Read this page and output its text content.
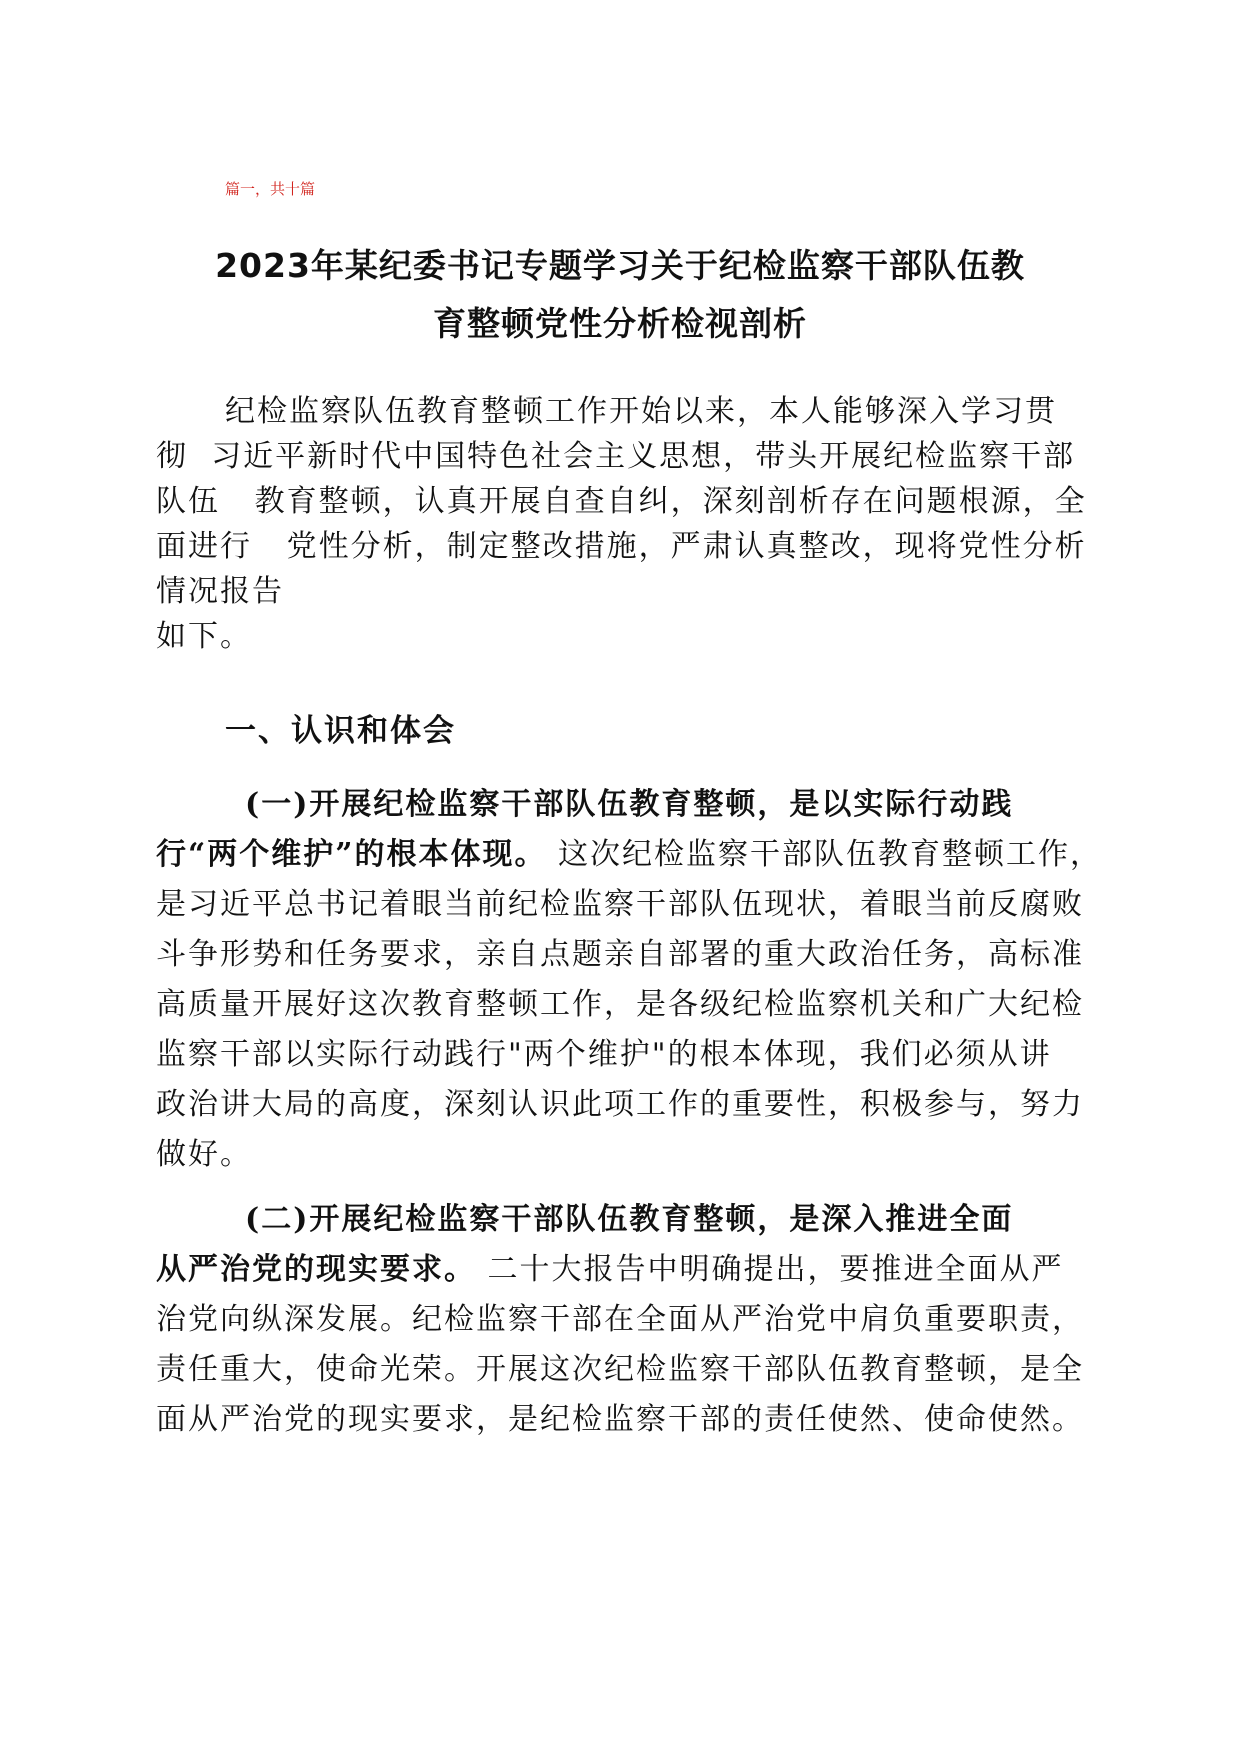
篇一，共十篇
2023年某纪委书记专题学习关于纪检监察干部队伍教
育整顿党性分析检视剖析
纪检监察队伍教育整顿工作开始以来，本人能够深入学习贯
彻  习近平新时代中国特色社会主义思想，带头开展纪检监察干部
队伍   教育整顿，认真开展自查自纠，深刻剖析存在问题根源，全
面进行   党性分析，制定整改措施，严肃认真整改，现将党性分析
情况报告
如下。
一、认识和体会
(一)开展纪检监察干部队伍教育整顿，是以实际行动践
行“两个维护”的根本体现。 这次纪检监察干部队伍教育整顿工作，
是习近平总书记着眼当前纪检监察干部队伍现状，着眼当前反腐败
斗争形势和任务要求，亲自点题亲自部署的重大政治任务，高标准
高质量开展好这次教育整顿工作，是各级纪检监察机关和广大纪检
监察干部以实际行动践行"两个维护"的根本体现，我们必须从讲
政治讲大局的高度，深刻认识此项工作的重要性，积极参与，努力
做好。
(二)开展纪检监察干部队伍教育整顿，是深入推进全面
从严治党的现实要求。 二十大报告中明确提出，要推进全面从严
治党向纵深发展。纪检监察干部在全面从严治党中肩负重要职责，
责任重大，使命光荣。开展这次纪检监察干部队伍教育整顿，是全
面从严治党的现实要求，是纪检监察干部的责任使然、使命使然。
